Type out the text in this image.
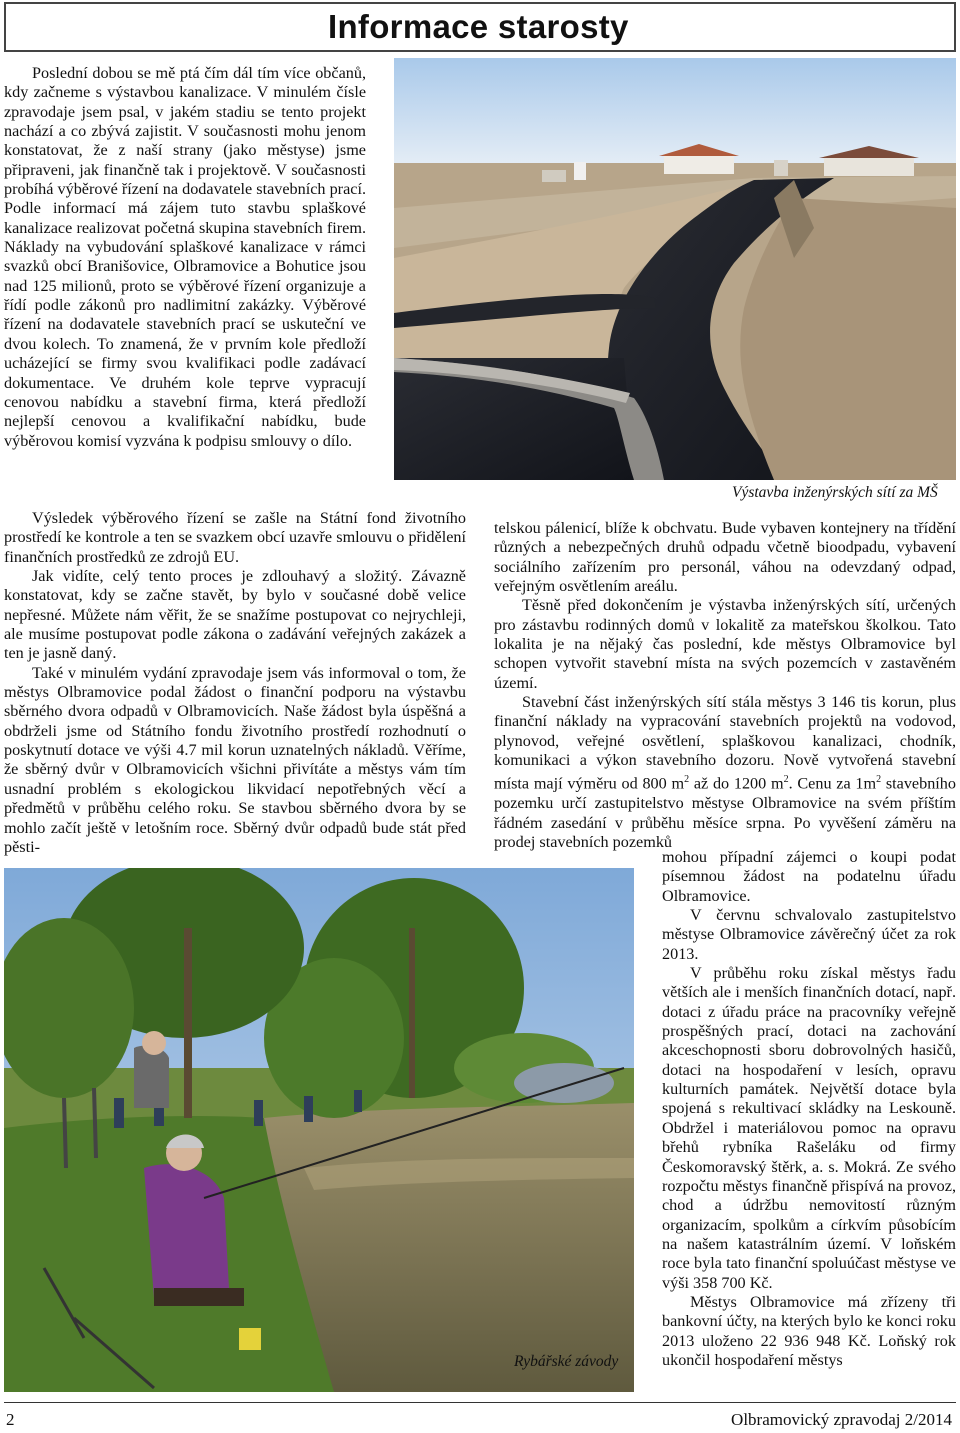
Informace starosty
Výstavba inženýrských sítí za MŠ

Poslední dobou se mě ptá čím dál tím více občanů, kdy začneme s výstavbou kanalizace. V minulém čísle zpravodaje jsem psal, v jakém stadiu se tento projekt nachází a co zbývá zajistit. V současnosti mohu jenom konstatovat, že z naší strany (jako městyse) jsme připraveni, jak finančně tak i projektově. V současnosti probíhá výběrové řízení na dodavatele stavebních prací. Podle informací má zájem tuto stavbu splaškové kanalizace realizovat početná skupina stavebních firem. Náklady na vybudování splaškové kanalizace v rámci svazků obcí Branišovice, Olbramovice a Bohutice jsou nad 125 milionů, proto se výběrové řízení organizuje a řídí podle zákonů pro nadlimitní zakázky. Výběrové řízení na dodavatele stavebních prací se uskuteční ve dvou kolech. To znamená, že v prvním kole předloží ucházející se firmy svou kvalifikaci podle zadávací dokumentace. Ve druhém kole teprve vypracují cenovou nabídku a stavební firma, která předloží nejlepší cenovou a kvalifikační nabídku, bude výběrovou komisí vyzvána k podpisu smlouvy o dílo.

Výsledek výběrového řízení se zašle na Státní fond životního prostředí ke kontrole a ten se svazkem obcí uzavře smlouvu o přidělení finančních prostředků ze zdrojů EU.

Jak vidíte, celý tento proces je zdlouhavý a složitý. Závazně konstatovat, kdy se začne stavět, by bylo v současné době velice nepřesné. Můžete nám věřit, že se snažíme postupovat co nejrychleji, ale musíme postupovat podle zákona o zadávání veřejných zakázek a ten je jasně daný.

Také v minulém vydání zpravodaje jsem vás informoval o tom, že městys Olbramovice podal žádost o finanční podporu na výstavbu sběrného dvora odpadů v Olbramovicích. Naše žádost byla úspěšná a obdrželi jsme od Státního fondu životního prostředí rozhodnutí o poskytnutí dotace ve výši 4.7 mil korun uznatelných nákladů. Věříme, že sběrný dvůr v Olbramovicích všichni přivítáte a městys vám tím usnadní problém s ekologickou likvidací nepotřebných věcí a předmětů v průběhu celého roku. Se stavbou sběrného dvora by se mohlo začít ještě v letošním roce. Sběrný dvůr odpadů bude stát před pěsti-

Rybářské závody

telskou pálenicí, blíže k obchvatu. Bude vybaven kontejnery na třídění různých a nebezpečných druhů odpadu včetně bioodpadu, vybavení sociálního zařízením pro personál, váhou na odevzdaný odpad, veřejným osvětlením areálu.

Těsně před dokončením je výstavba inženýrských sítí, určených pro zástavbu rodinných domů v lokalitě za mateřskou školkou. Tato lokalita je na nějaký čas poslední, kde městys Olbramovice byl schopen vytvořit stavební místa na svých pozemcích v zastavěném území.

Stavební část inženýrských sítí stála městys 3 146 tis korun, plus finanční náklady na vypracování stavebních projektů na vodovod, plynovod, veřejné osvětlení, splaškovou kanalizaci, chodník, komunikaci a výkon stavebního dozoru. Nově vytvořená stavební místa mají výměru od 800 $m^2$ až do 1200 $m^2$. Cenu za $1m^2$ stavebního pozemku určí zastupitelstvo městyse Olbramovice na svém příštím řádném zasedání v průběhu měsíce srpna. Po vyvěšení záměru na prodej stavebních pozemků

mohou případní zájemci o koupi podat písemnou žádost na podatelnu úřadu Olbramovice.

V červnu schvalovalo zastupitelstvo městyse Olbramovice závěrečný účet za rok 2013.

V průběhu roku získal městys řadu větších ale i menších finančních dotací, např. dotaci z úřadu práce na pracovníky veřejně prospěšných prací, dotaci na zachování akceschopnosti sboru dobrovolných hasičů, dotaci na hospodaření v lesích, opravu kulturních památek. Největší dotace byla spojená s rekultivací skládky na Leskouně. Obdržel i materiálovou pomoc na opravu břehů rybníka Rašeláku od firmy Českomoravský štěrk, a. s. Mokrá. Ze svého rozpočtu městys finančně přispívá na provoz, chod a údržbu nemovitostí různým organizacím, spolkům a církvím působícím na našem katastrálním území. V loňském roce byla tato finanční spoluúčast městyse ve výši 358 700 Kč.

Městys Olbramovice má zřízeny tři bankovní účty, na kterých bylo ke konci roku 2013 uloženo 22 936 948 Kč. Loňský rok ukončil hospodaření městys

2	Olbramovický zpravodaj 2/2014
